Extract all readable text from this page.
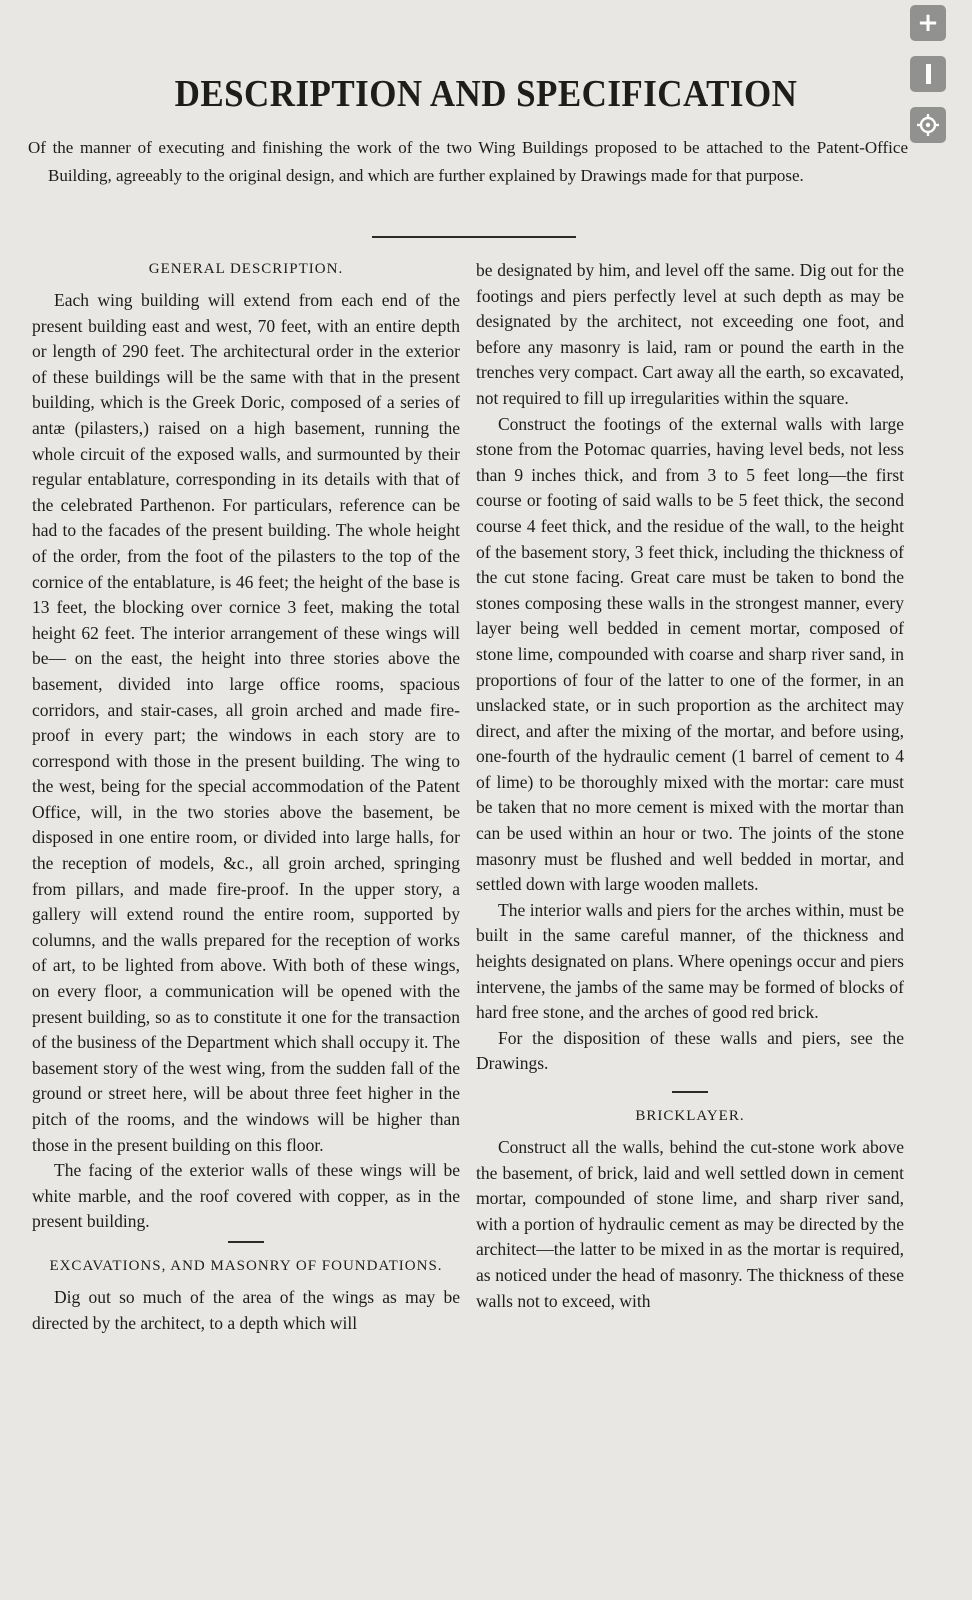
DESCRIPTION AND SPECIFICATION

Of the manner of executing and finishing the work of the two Wing Buildings proposed to be attached to the Patent-Office Building, agreeably to the original design, and which are further explained by Drawings made for that purpose.

GENERAL DESCRIPTION.

Each wing building will extend from each end of the present building east and west, 70 feet, with an entire depth or length of 290 feet. The architectural order in the exterior of these buildings will be the same with that in the present building, which is the Greek Doric, composed of a series of antæ (pilasters,) raised on a high basement, running the whole circuit of the exposed walls, and surmounted by their regular entablature, corresponding in its details with that of the celebrated Parthenon. For particulars, reference can be had to the facades of the present building. The whole height of the order, from the foot of the pilasters to the top of the cornice of the entablature, is 46 feet; the height of the base is 13 feet, the blocking over cornice 3 feet, making the total height 62 feet. The interior arrangement of these wings will be— on the east, the height into three stories above the basement, divided into large office rooms, spacious corridors, and stair-cases, all groin arched and made fire-proof in every part; the windows in each story are to correspond with those in the present building. The wing to the west, being for the special accommodation of the Patent Office, will, in the two stories above the basement, be disposed in one entire room, or divided into large halls, for the reception of models, &c., all groin arched, springing from pillars, and made fire-proof. In the upper story, a gallery will extend round the entire room, supported by columns, and the walls prepared for the reception of works of art, to be lighted from above. With both of these wings, on every floor, a communication will be opened with the present building, so as to constitute it one for the transaction of the business of the Department which shall occupy it. The basement story of the west wing, from the sudden fall of the ground or street here, will be about three feet higher in the pitch of the rooms, and the windows will be higher than those in the present building on this floor.

The facing of the exterior walls of these wings will be white marble, and the roof covered with copper, as in the present building.

EXCAVATIONS, AND MASONRY OF FOUNDATIONS.

Dig out so much of the area of the wings as may be directed by the architect, to a depth which will

be designated by him, and level off the same. Dig out for the footings and piers perfectly level at such depth as may be designated by the architect, not exceeding one foot, and before any masonry is laid, ram or pound the earth in the trenches very compact. Cart away all the earth, so excavated, not required to fill up irregularities within the square.

Construct the footings of the external walls with large stone from the Potomac quarries, having level beds, not less than 9 inches thick, and from 3 to 5 feet long—the first course or footing of said walls to be 5 feet thick, the second course 4 feet thick, and the residue of the wall, to the height of the basement story, 3 feet thick, including the thickness of the cut stone facing. Great care must be taken to bond the stones composing these walls in the strongest manner, every layer being well bedded in cement mortar, composed of stone lime, compounded with coarse and sharp river sand, in proportions of four of the latter to one of the former, in an unslacked state, or in such proportion as the architect may direct, and after the mixing of the mortar, and before using, one-fourth of the hydraulic cement (1 barrel of cement to 4 of lime) to be thoroughly mixed with the mortar: care must be taken that no more cement is mixed with the mortar than can be used within an hour or two. The joints of the stone masonry must be flushed and well bedded in mortar, and settled down with large wooden mallets.

The interior walls and piers for the arches within, must be built in the same careful manner, of the thickness and heights designated on plans. Where openings occur and piers intervene, the jambs of the same may be formed of blocks of hard free stone, and the arches of good red brick.

For the disposition of these walls and piers, see the Drawings.

BRICKLAYER.

Construct all the walls, behind the cut-stone work above the basement, of brick, laid and well settled down in cement mortar, compounded of stone lime, and sharp river sand, with a portion of hydraulic cement as may be directed by the architect—the latter to be mixed in as the mortar is required, as noticed under the head of masonry. The thickness of these walls not to exceed, with

+
